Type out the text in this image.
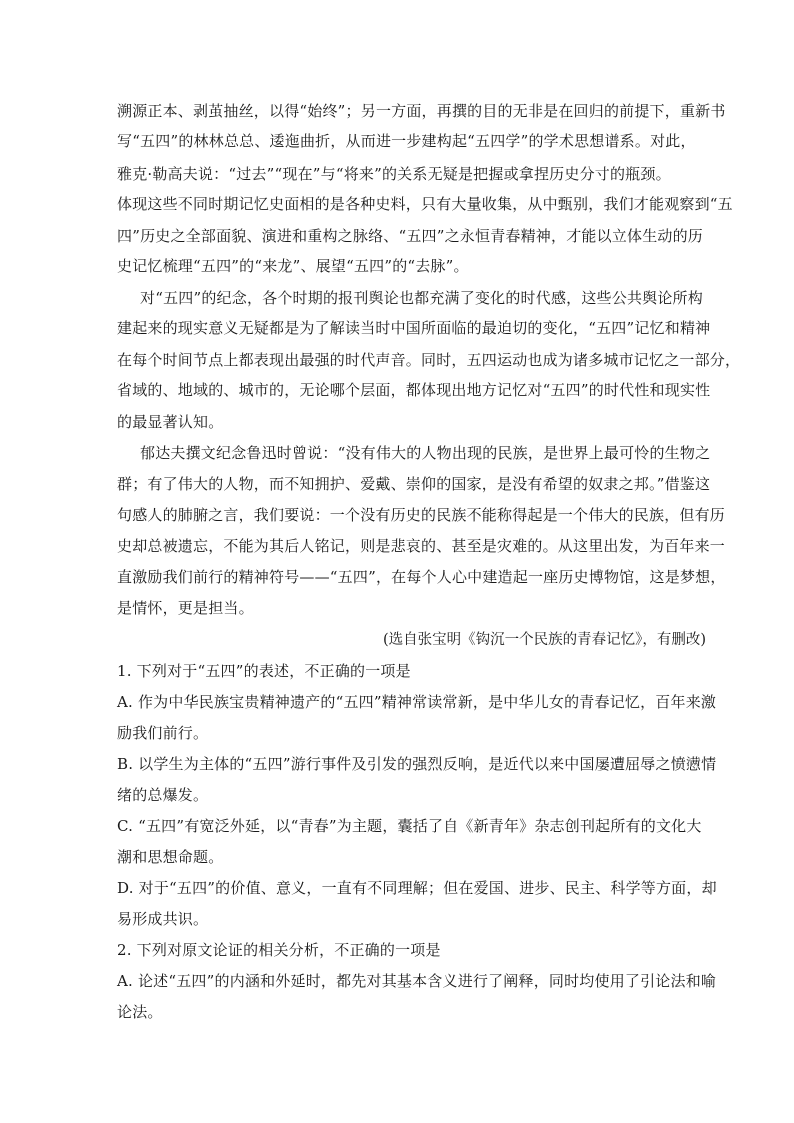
溯源正本、剥茧抽丝，以得“始终”；另一方面，再撰的目的无非是在回归的前提下，重新书
写“五四”的林林总总、逶迤曲折，从而进一步建构起“五四学”的学术思想谱系。对此，
雅克·勒高夫说：“过去”“现在”与“将来”的关系无疑是把握或拿捏历史分寸的瓶颈。
体现这些不同时期记忆史面相的是各种史料，只有大量收集，从中甄别，我们才能观察到“五
四”历史之全部面貌、演进和重构之脉络、“五四”之永恒青春精神，才能以立体生动的历
史记忆梳理“五四”的“来龙”、展望“五四”的“去脉”。
对“五四”的纪念，各个时期的报刊舆论也都充满了变化的时代感，这些公共舆论所构
建起来的现实意义无疑都是为了解读当时中国所面临的最迫切的变化，“五四”记忆和精神
在每个时间节点上都表现出最强的时代声音。同时，五四运动也成为诸多城市记忆之一部分，
省域的、地域的、城市的，无论哪个层面，都体现出地方记忆对“五四”的时代性和现实性
的最显著认知。
郁达夫撰文纪念鲁迅时曾说：“没有伟大的人物出现的民族，是世界上最可怜的生物之
群；有了伟大的人物，而不知拥护、爱戴、崇仰的国家，是没有希望的奴隶之邦。”借鉴这
句感人的肺腑之言，我们要说：一个没有历史的民族不能称得起是一个伟大的民族，但有历
史却总被遗忘，不能为其后人铭记，则是悲哀的、甚至是灾难的。从这里出发，为百年来一
直激励我们前行的精神符号——“五四”，在每个人心中建造起一座历史博物馆，这是梦想，
是情怀，更是担当。
(选自张宝明《钩沉一个民族的青春记忆》，有删改)
1. 下列对于“五四”的表述，不正确的一项是
A. 作为中华民族宝贵精神遗产的“五四”精神常读常新，是中华儿女的青春记忆，百年来激
励我们前行。
B. 以学生为主体的“五四”游行事件及引发的强烈反响，是近代以来中国屡遭屈辱之愤懑情
绪的总爆发。
C. “五四”有宽泛外延，以“青春”为主题，囊括了自《新青年》杂志创刊起所有的文化大
潮和思想命题。
D. 对于“五四”的价值、意义，一直有不同理解；但在爱国、进步、民主、科学等方面，却
易形成共识。
2. 下列对原文论证的相关分析，不正确的一项是
A. 论述“五四”的内涵和外延时，都先对其基本含义进行了阐释，同时均使用了引论法和喻
论法。
